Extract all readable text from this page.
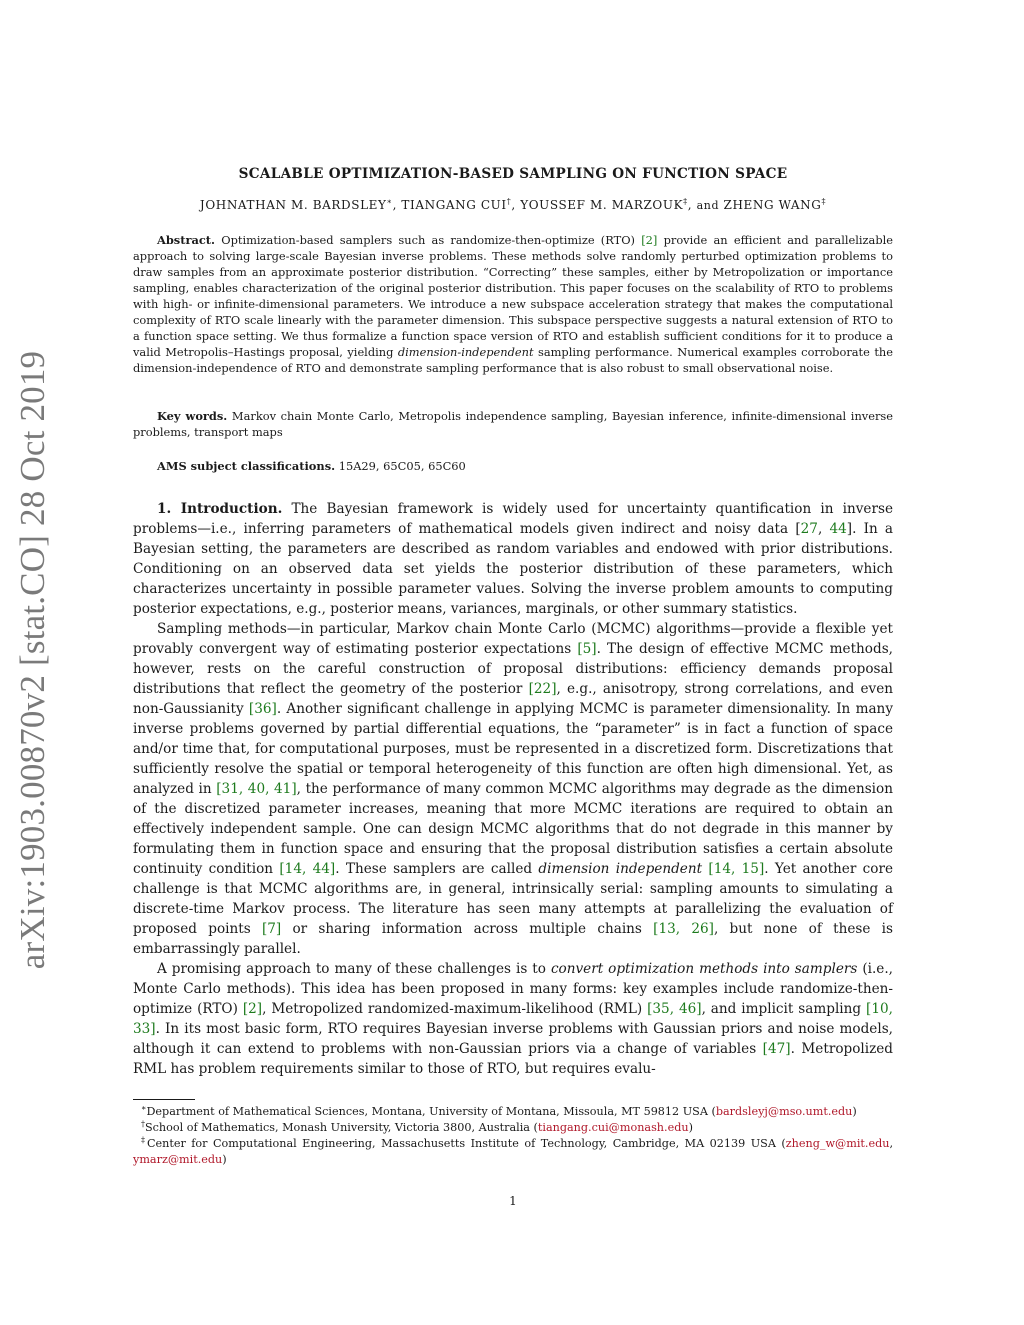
arXiv:1903.00870v2 [stat.CO] 28 Oct 2019
SCALABLE OPTIMIZATION-BASED SAMPLING ON FUNCTION SPACE
JOHNATHAN M. BARDSLEY∗, TIANGANG CUI†, YOUSSEF M. MARZOUK‡, and ZHENG WANG‡
Abstract. Optimization-based samplers such as randomize-then-optimize (RTO) [2] provide an efficient and parallelizable approach to solving large-scale Bayesian inverse problems. These methods solve randomly perturbed optimization problems to draw samples from an approximate posterior distribution. “Correcting” these samples, either by Metropolization or importance sampling, enables characterization of the original posterior distribution. This paper focuses on the scalability of RTO to problems with high- or infinite-dimensional parameters. We introduce a new subspace acceleration strategy that makes the computational complexity of RTO scale linearly with the parameter dimension. This subspace perspective suggests a natural extension of RTO to a function space setting. We thus formalize a function space version of RTO and establish sufficient conditions for it to produce a valid Metropolis–Hastings proposal, yielding dimension-independent sampling performance. Numerical examples corroborate the dimension-independence of RTO and demonstrate sampling performance that is also robust to small observational noise.
Key words. Markov chain Monte Carlo, Metropolis independence sampling, Bayesian inference, infinite-dimensional inverse problems, transport maps
AMS subject classifications. 15A29, 65C05, 65C60

1. Introduction. The Bayesian framework is widely used for uncertainty quantification in inverse problems—i.e., inferring parameters of mathematical models given indirect and noisy data [27, 44]. In a Bayesian setting, the parameters are described as random variables and endowed with prior distributions. Conditioning on an observed data set yields the posterior distribution of these parameters, which characterizes uncertainty in possible parameter values. Solving the inverse problem amounts to computing posterior expectations, e.g., posterior means, variances, marginals, or other summary statistics.

Sampling methods—in particular, Markov chain Monte Carlo (MCMC) algorithms—provide a flexible yet provably convergent way of estimating posterior expectations [5]. The design of effective MCMC methods, however, rests on the careful construction of proposal distributions: efficiency demands proposal distributions that reflect the geometry of the posterior [22], e.g., anisotropy, strong correlations, and even non-Gaussianity [36]. Another significant challenge in applying MCMC is parameter dimensionality. In many inverse problems governed by partial differential equations, the “parameter” is in fact a function of space and/or time that, for computational purposes, must be represented in a discretized form. Discretizations that sufficiently resolve the spatial or temporal heterogeneity of this function are often high dimensional. Yet, as analyzed in [31, 40, 41], the performance of many common MCMC algorithms may degrade as the dimension of the discretized parameter increases, meaning that more MCMC iterations are required to obtain an effectively independent sample. One can design MCMC algorithms that do not degrade in this manner by formulating them in function space and ensuring that the proposal distribution satisfies a certain absolute continuity condition [14, 44]. These samplers are called dimension independent [14, 15]. Yet another core challenge is that MCMC algorithms are, in general, intrinsically serial: sampling amounts to simulating a discrete-time Markov process. The literature has seen many attempts at parallelizing the evaluation of proposed points [7] or sharing information across multiple chains [13, 26], but none of these is embarrassingly parallel.

A promising approach to many of these challenges is to convert optimization methods into samplers (i.e., Monte Carlo methods). This idea has been proposed in many forms: key examples include randomize-then-optimize (RTO) [2], Metropolized randomized-maximum-likelihood (RML) [35, 46], and implicit sampling [10, 33]. In its most basic form, RTO requires Bayesian inverse problems with Gaussian priors and noise models, although it can extend to problems with non-Gaussian priors via a change of variables [47]. Metropolized RML has problem requirements similar to those of RTO, but requires evalu-

∗Department of Mathematical Sciences, Montana, University of Montana, Missoula, MT 59812 USA (bardsleyj@mso.umt.edu)

†School of Mathematics, Monash University, Victoria 3800, Australia (tiangang.cui@monash.edu)

‡Center for Computational Engineering, Massachusetts Institute of Technology, Cambridge, MA 02139 USA (zheng_w@mit.edu, ymarz@mit.edu)

1
